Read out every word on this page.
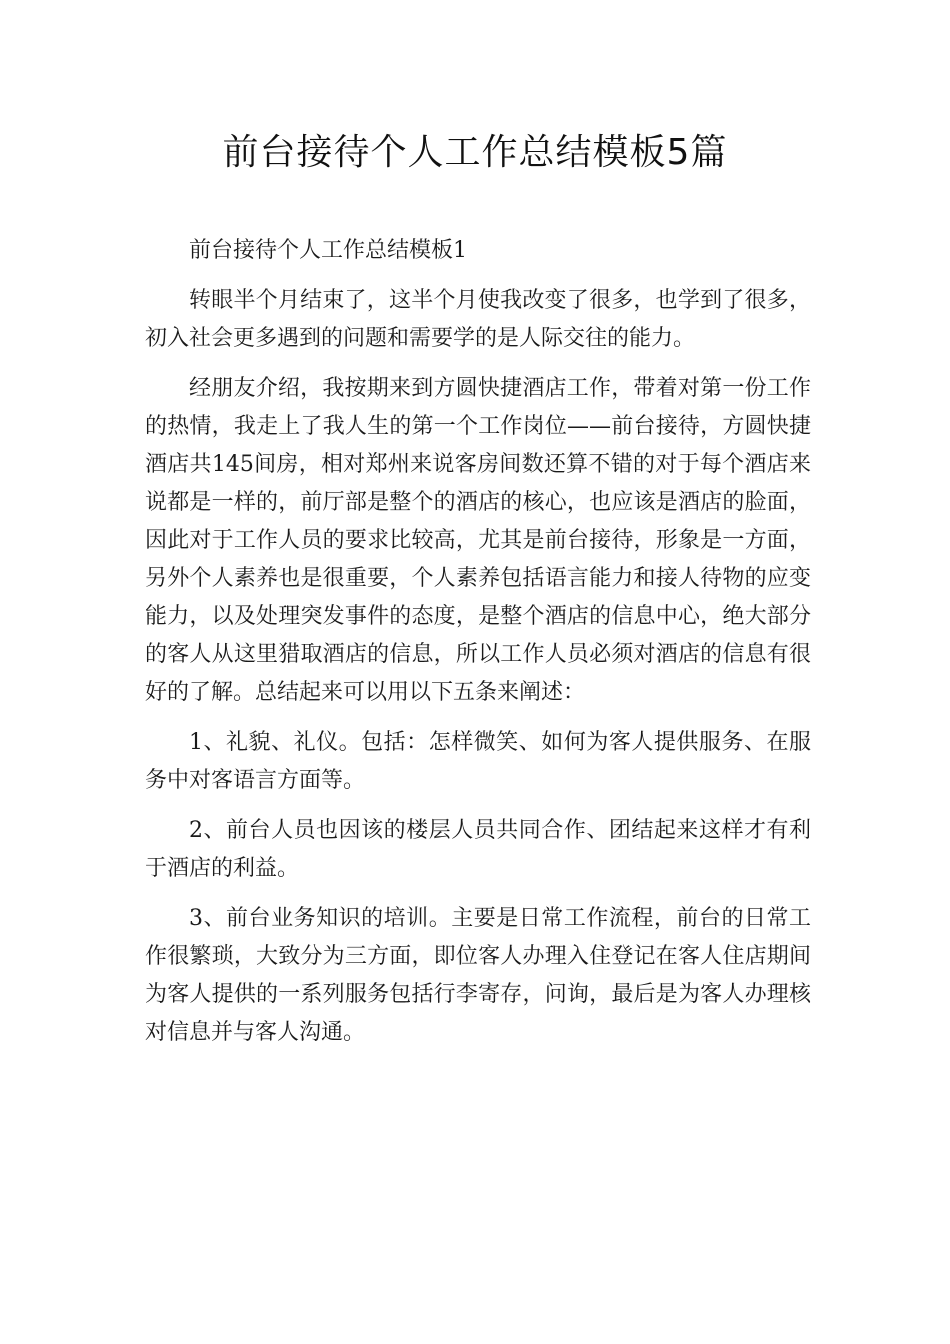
前台接待个人工作总结模板5篇

前台接待个人工作总结模板1

转眼半个月结束了，这半个月使我改变了很多，也学到了很多，初入社会更多遇到的问题和需要学的是人际交往的能力。

经朋友介绍，我按期来到方圆快捷酒店工作，带着对第一份工作的热情，我走上了我人生的第一个工作岗位——前台接待，方圆快捷酒店共145间房，相对郑州来说客房间数还算不错的对于每个酒店来说都是一样的，前厅部是整个的酒店的核心，也应该是酒店的脸面，因此对于工作人员的要求比较高，尤其是前台接待，形象是一方面，另外个人素养也是很重要，个人素养包括语言能力和接人待物的应变能力，以及处理突发事件的态度，是整个酒店的信息中心，绝大部分的客人从这里猎取酒店的信息，所以工作人员必须对酒店的信息有很好的了解。总结起来可以用以下五条来阐述：

1、礼貌、礼仪。包括：怎样微笑、如何为客人提供服务、在服务中对客语言方面等。

2、前台人员也因该的楼层人员共同合作、团结起来这样才有利于酒店的利益。

3、前台业务知识的培训。主要是日常工作流程，前台的日常工作很繁琐，大致分为三方面，即位客人办理入住登记在客人住店期间为客人提供的一系列服务包括行李寄存，问询，最后是为客人办理核对信息并与客人沟通。
